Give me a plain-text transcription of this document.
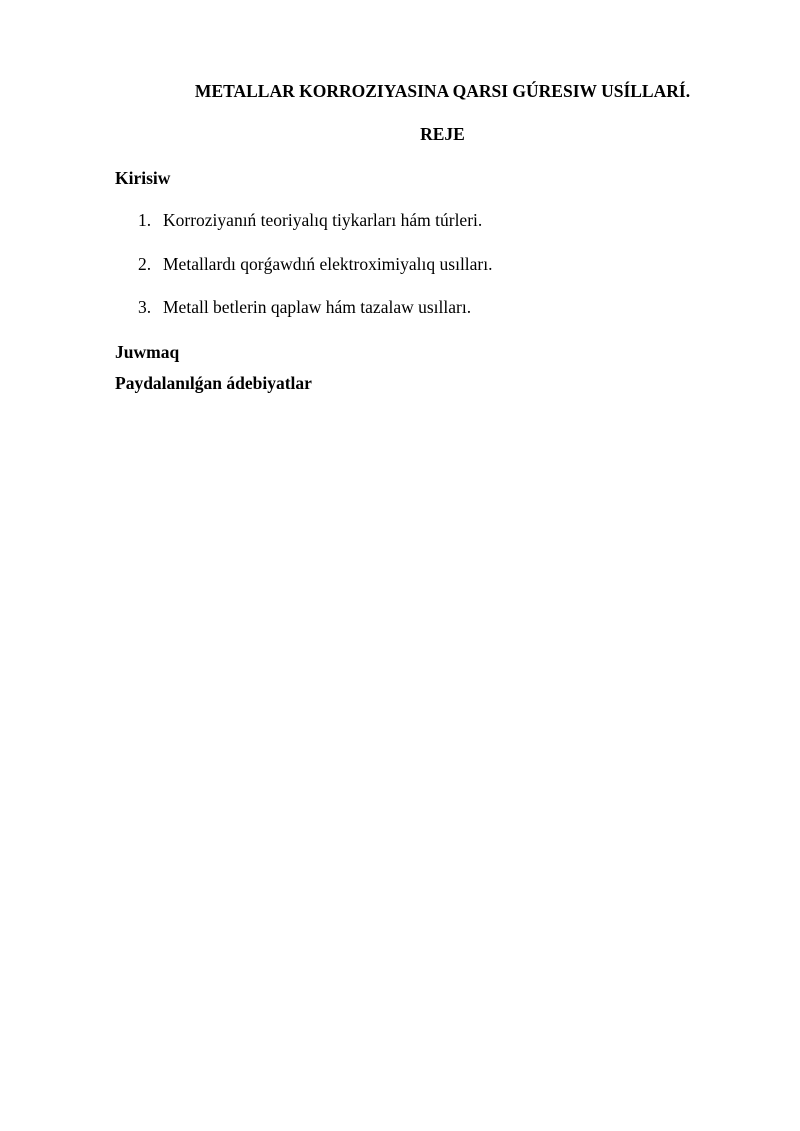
METALLAR KORROZIYASINA QARSI GÚRESIW USÍLLARÍ.
REJE
Kirisiw
1. Korroziyanıń teoriyalıq tiykarları hám túrleri.
2. Metallardı qorǵawdıń elektroximiyalıq usılları.
3. Metall betlerin qaplaw hám tazalaw usılları.
Juwmaq
Paydalanılǵan ádebiyatlar
